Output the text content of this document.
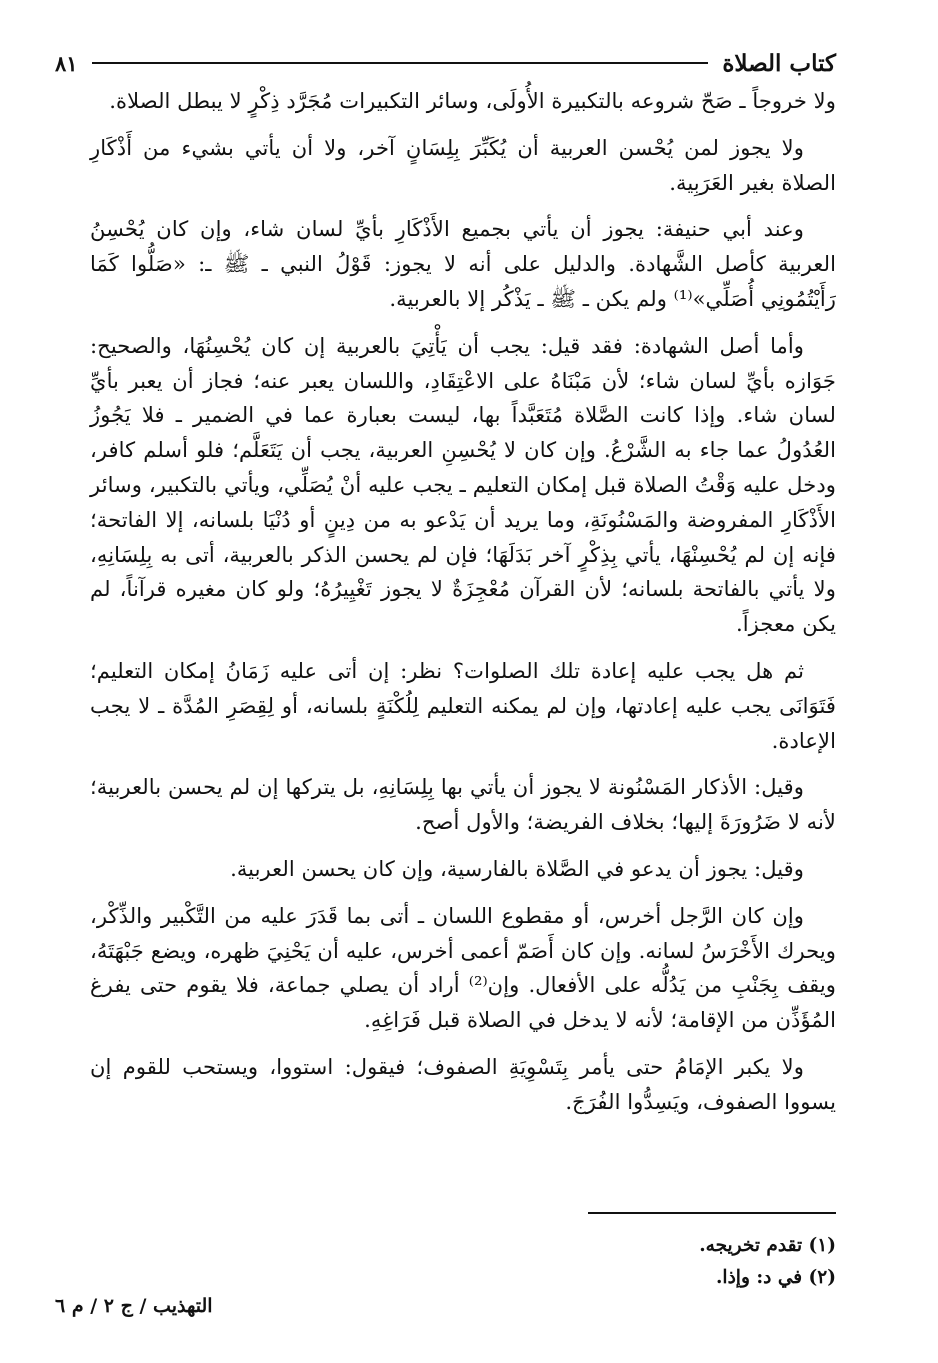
كتاب الصلاة
٨١

ولا خروجاً ـ صَحّ شروعه بالتكبيرة الأُولَى، وسائر التكبيرات مُجَرَّد ذِكْرٍ لا يبطل الصلاة.

ولا يجوز لمن يُحْسن العربية أن يُكَبِّرَ بِلِسَانٍ آخر، ولا أن يأتي بشيء من أَذْكَارِ الصلاة بغير العَرَبِية.

وعند أبي حنيفة: يجوز أن يأتي بجميع الأَذْكَارِ بأيِّ لسان شاء، وإن كان يُحْسِنُ العربية كأصل الشَّهادة. والدليل على أنه لا يجوز: قَوْلُ النبي ـ ﷺ ـ: «صَلُّوا كَمَا رَأَيْتُمُونِي أُصَلِّي»⁽¹⁾ ولم يكن ـ ﷺ ـ يَذْكُر إلا بالعربية.

وأما أصل الشهادة: فقد قيل: يجب أن يَأْتِيَ بالعربية إن كان يُحْسِنُهَا، والصحيح: جَوَازه بأيِّ لسان شاء؛ لأن مَبْنَاهُ على الاعْتِقَادِ، واللسان يعبر عنه؛ فجاز أن يعبر بأيِّ لسان شاء. وإذا كانت الصَّلاة مُتَعَبَّداً بها، ليست بعبارة عما في الضمير ـ فلا يَجُوزُ العُدُولُ عما جاء به الشَّرْعُ. وإن كان لا يُحْسِنِ العربية، يجب أن يَتَعَلَّم؛ فلو أسلم كافر، ودخل عليه وَقْتُ الصلاة قبل إمكان التعليم ـ يجب عليه أنْ يُصَلِّي، ويأتي بالتكبير، وسائر الأَذْكَارِ المفروضة والمَسْنُونَةِ، وما يريد أن يَدْعو به من دِينٍ أو دُنْيَا بلسانه، إلا الفاتحة؛ فإنه إن لم يُحْسِنْهَا، يأتي بِذِكْرٍ آخر بَدَلَهَا؛ فإن لم يحسن الذكر بالعربية، أتى به بِلِسَانِهِ، ولا يأتي بالفاتحة بلسانه؛ لأن القرآن مُعْجِزَةٌ لا يجوز تَغْيِيرُهُ؛ ولو كان مغيره قرآناً، لم يكن معجزاً.

ثم هل يجب عليه إعادة تلك الصلوات؟ نظر: إن أتى عليه زَمَانُ إمكان التعليم؛ فَتَوَانَى يجب عليه إعادتها، وإن لم يمكنه التعليم لِلُكْنَةٍ بلسانه، أو لِقِصَرِ المُدَّة ـ لا يجب الإعادة.

وقيل: الأذكار المَسْنُونة لا يجوز أن يأتي بها بِلِسَانِهِ، بل يتركها إن لم يحسن بالعربية؛ لأنه لا ضَرُورَةَ إليها؛ بخلاف الفريضة؛ والأول أصح.

وقيل: يجوز أن يدعو في الصَّلاة بالفارسية، وإن كان يحسن العربية.

وإن كان الرَّجل أخرس، أو مقطوع اللسان ـ أتى بما قَدَرَ عليه من التَّكْبير والذِّكْر، ويحرك الأَخْرَسُ لسانه. وإن كان أَصَمّ أعمى أخرس، عليه أن يَحْنِيَ ظهره، ويضع جَبْهَتَهُ، ويقف بِجَنْبِ من يَدُلُّه على الأفعال. وإن⁽²⁾ أراد أن يصلي جماعة، فلا يقوم حتى يفرغ المُؤَذِّن من الإقامة؛ لأنه لا يدخل في الصلاة قبل فَرَاغِهِ.

ولا يكبر الإمَامُ حتى يأمر بِتَسْوِيَةِ الصفوف؛ فيقول: استووا، ويستحب للقوم إن يسووا الصفوف، ويَسِدُّوا الفُرَجَ.

(١) تقدم تخريجه.
(٢) في د: وإذا.
التهذيب / ج ٢ / م ٦
